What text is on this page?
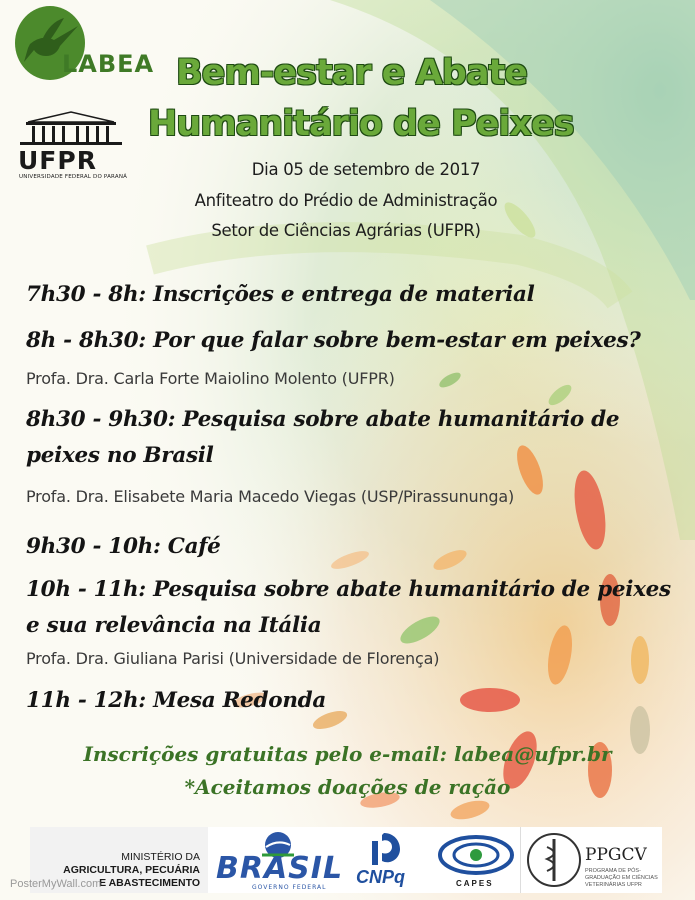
LABEA
UFPR
UNIVERSIDADE FEDERAL DO PARANÁ
Bem-estar e Abate
Humanitário de Peixes
Dia 05 de setembro de 2017
Anfiteatro do Prédio de Administração
Setor de Ciências Agrárias (UFPR)
7h30 - 8h: Inscrições e entrega de material
8h - 8h30: Por que falar sobre bem-estar em peixes?
Profa. Dra. Carla Forte Maiolino Molento (UFPR)
8h30 - 9h30: Pesquisa sobre abate humanitário de peixes no Brasil
Profa. Dra. Elisabete Maria Macedo Viegas (USP/Pirassununga)
9h30 - 10h: Café
10h - 11h: Pesquisa sobre abate humanitário de peixes e sua relevância na Itália
Profa. Dra. Giuliana Parisi (Universidade de Florença)
11h - 12h: Mesa Redonda
Inscrições gratuitas pelo e-mail: labea@ufpr.br
*Aceitamos doações de ração
MINISTÉRIO DA
AGRICULTURA, PECUÁRIA
E ABASTECIMENTO BRASIL
GOVERNO FEDERAL
CNPq	CAPES
PPGCV
PROGRAMA DE PÓS-GRADUAÇÃO EM CIÊNCIAS VETERINÁRIAS UFPR
PosterMyWall.com
